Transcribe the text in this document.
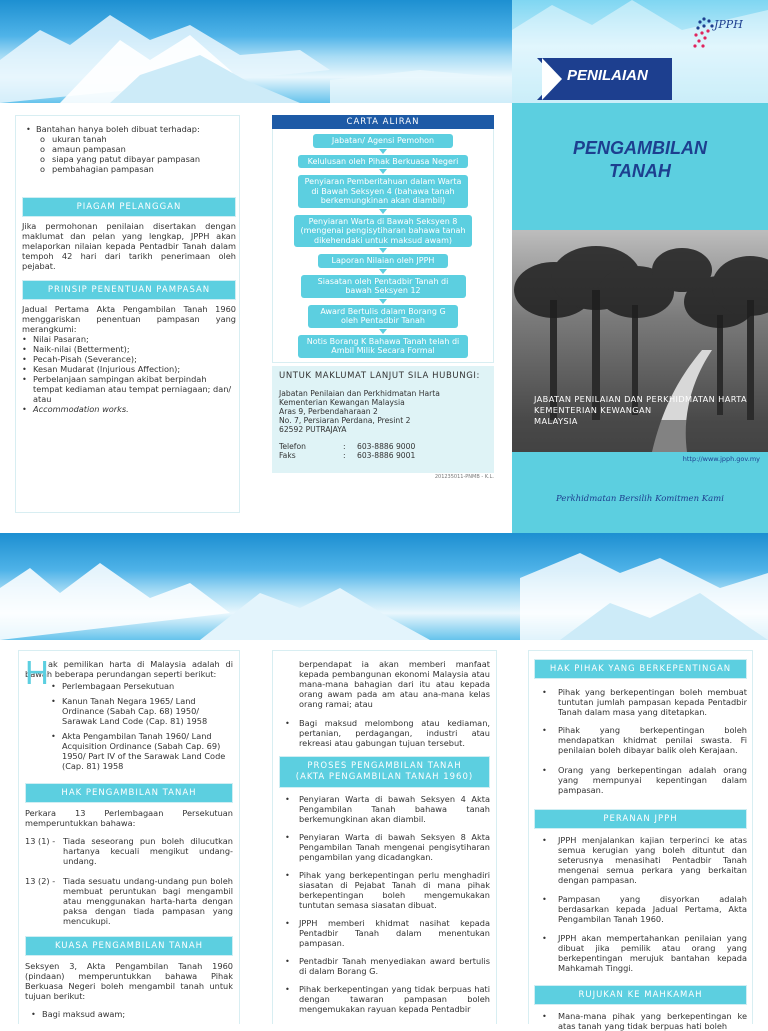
JPPH
PENILAIAN
• Bantahan hanya boleh dibuat terhadap:
o ukuran tanah
o amaun pampasan
o siapa yang patut dibayar pampasan
o pembahagian pampasan
PIAGAM PELANGGAN
Jika permohonan penilaian disertakan dengan maklumat dan pelan yang lengkap, JPPH akan melaporkan nilaian kepada Pentadbir Tanah dalam tempoh 42 hari dari tarikh penerimaan oleh pejabat.
PRINSIP PENENTUAN PAMPASAN
Jadual Pertama Akta Pengambilan Tanah 1960 menggariskan penentuan pampasan yang merangkumi:
• Nilai Pasaran;
• Naik-nilai (Betterment);
• Pecah-Pisah (Severance);
• Kesan Mudarat (Injurious Affection);
• Perbelanjaan sampingan akibat berpindah tempat kediaman atau tempat perniagaan; dan/ atau
• Accommodation works.
CARTA ALIRAN
Jabatan/ Agensi Pemohon
Kelulusan oleh Pihak Berkuasa Negeri
Penyiaran Pemberitahuan dalam Warta di Bawah Seksyen 4 (bahawa tanah berkemungkinan akan diambil)
Penyiaran Warta di Bawah Seksyen 8 (mengenai pengisytiharan bahawa tanah dikehendaki untuk maksud awam)
Laporan Nilaian oleh JPPH
Siasatan oleh Pentadbir Tanah di bawah Seksyen 12
Award Bertulis dalam Borang G oleh Pentadbir Tanah
Notis Borang K Bahawa Tanah telah di Ambil Milik Secara Formal
UNTUK MAKLUMAT LANJUT SILA HUBUNGI:
Jabatan Penilaian dan Perkhidmatan Harta
Kementerian Kewangan Malaysia
Aras 9, Perbendaharaan 2
No. 7, Persiaran Perdana, Presint 2
62592 PUTRAJAYA
Telefon	:	603-8886 9000
Faks	:	603-8886 9001
201235011-PNMB - K.L.
PENGAMBILAN
TANAH
JABATAN PENILAIAN DAN PERKHIDMATAN HARTA
KEMENTERIAN KEWANGAN
MALAYSIA
http://www.jpph.gov.my
Perkhidmatan Bersilih Komitmen Kami
H ak pemilikan harta di Malaysia adalah di bawah beberapa perundangan seperti berikut:
• Perlembagaan Persekutuan
• Kanun Tanah Negara 1965/ Land Ordinance (Sabah Cap. 68) 1950/ Sarawak Land Code (Cap. 81) 1958
• Akta Pengambilan Tanah 1960/ Land Acquisition Ordinance (Sabah Cap. 69) 1950/ Part IV of the Sarawak Land Code (Cap. 81) 1958
HAK PENGAMBILAN TANAH
Perkara 13 Perlembagaan Persekutuan memperuntukkan bahawa:
13 (1) - Tiada seseorang pun boleh dilucutkan hartanya kecuali mengikut undang-undang.
13 (2) - Tiada sesuatu undang-undang pun boleh membuat peruntukan bagi mengambil atau menggunakan harta-harta dengan paksa dengan tiada pampasan yang mencukupi.
KUASA PENGAMBILAN TANAH
Seksyen 3, Akta Pengambilan Tanah 1960 (pindaan) memperuntukkan bahawa Pihak Berkuasa Negeri boleh mengambil tanah untuk tujuan berikut:
• Bagi maksud awam;
berpendapat ia akan memberi manfaat kepada pembangunan ekonomi Malaysia atau mana-mana bahagian dari itu atau kepada orang awam pada am atau ana-mana kelas orang ramai; atau
• Bagi maksud melombong atau kediaman, pertanian, perdagangan, industri atau rekreasi atau gabungan tujuan tersebut.
PROSES PENGAMBILAN TANAH
(AKTA PENGAMBILAN TANAH 1960)
• Penyiaran Warta di bawah Seksyen 4 Akta Pengambilan Tanah bahawa tanah berkemungkinan akan diambil.
• Penyiaran Warta di bawah Seksyen 8 Akta Pengambilan Tanah mengenai pengisytiharan pengambilan yang dicadangkan.
• Pihak yang berkepentingan perlu menghadiri siasatan di Pejabat Tanah di mana pihak berkepentingan boleh mengemukakan tuntutan semasa siasatan dibuat.
• JPPH memberi khidmat nasihat kepada Pentadbir Tanah dalam menentukan pampasan.
• Pentadbir Tanah menyediakan award bertulis di dalam Borang G.
• Pihak berkepentingan yang tidak berpuas hati dengan tawaran pampasan boleh mengemukakan rayuan kepada Pentadbir
HAK PIHAK YANG BERKEPENTINGAN
• Pihak yang berkepentingan boleh membuat tuntutan jumlah pampasan kepada Pentadbir Tanah dalam masa yang ditetapkan.
• Pihak yang berkepentingan boleh mendapatkan khidmat penilai swasta. Fi penilaian boleh dibayar balik oleh Kerajaan.
• Orang yang berkepentingan adalah orang yang mempunyai kepentingan dalam pampasan.
PERANAN JPPH
• JPPH menjalankan kajian terperinci ke atas semua kerugian yang boleh dituntut dan seterusnya menasihati Pentadbir Tanah mengenai semua perkara yang berkaitan dengan pampasan.
• Pampasan yang disyorkan adalah berdasarkan kepada Jadual Pertama, Akta Pengambilan Tanah 1960.
• JPPH akan mempertahankan penilaian yang dibuat jika pemilik atau orang yang berkepentingan merujuk bantahan kepada Mahkamah Tinggi.
RUJUKAN KE MAHKAMAH
• Mana-mana pihak yang berkepentingan ke atas tanah yang tidak berpuas hati boleh
